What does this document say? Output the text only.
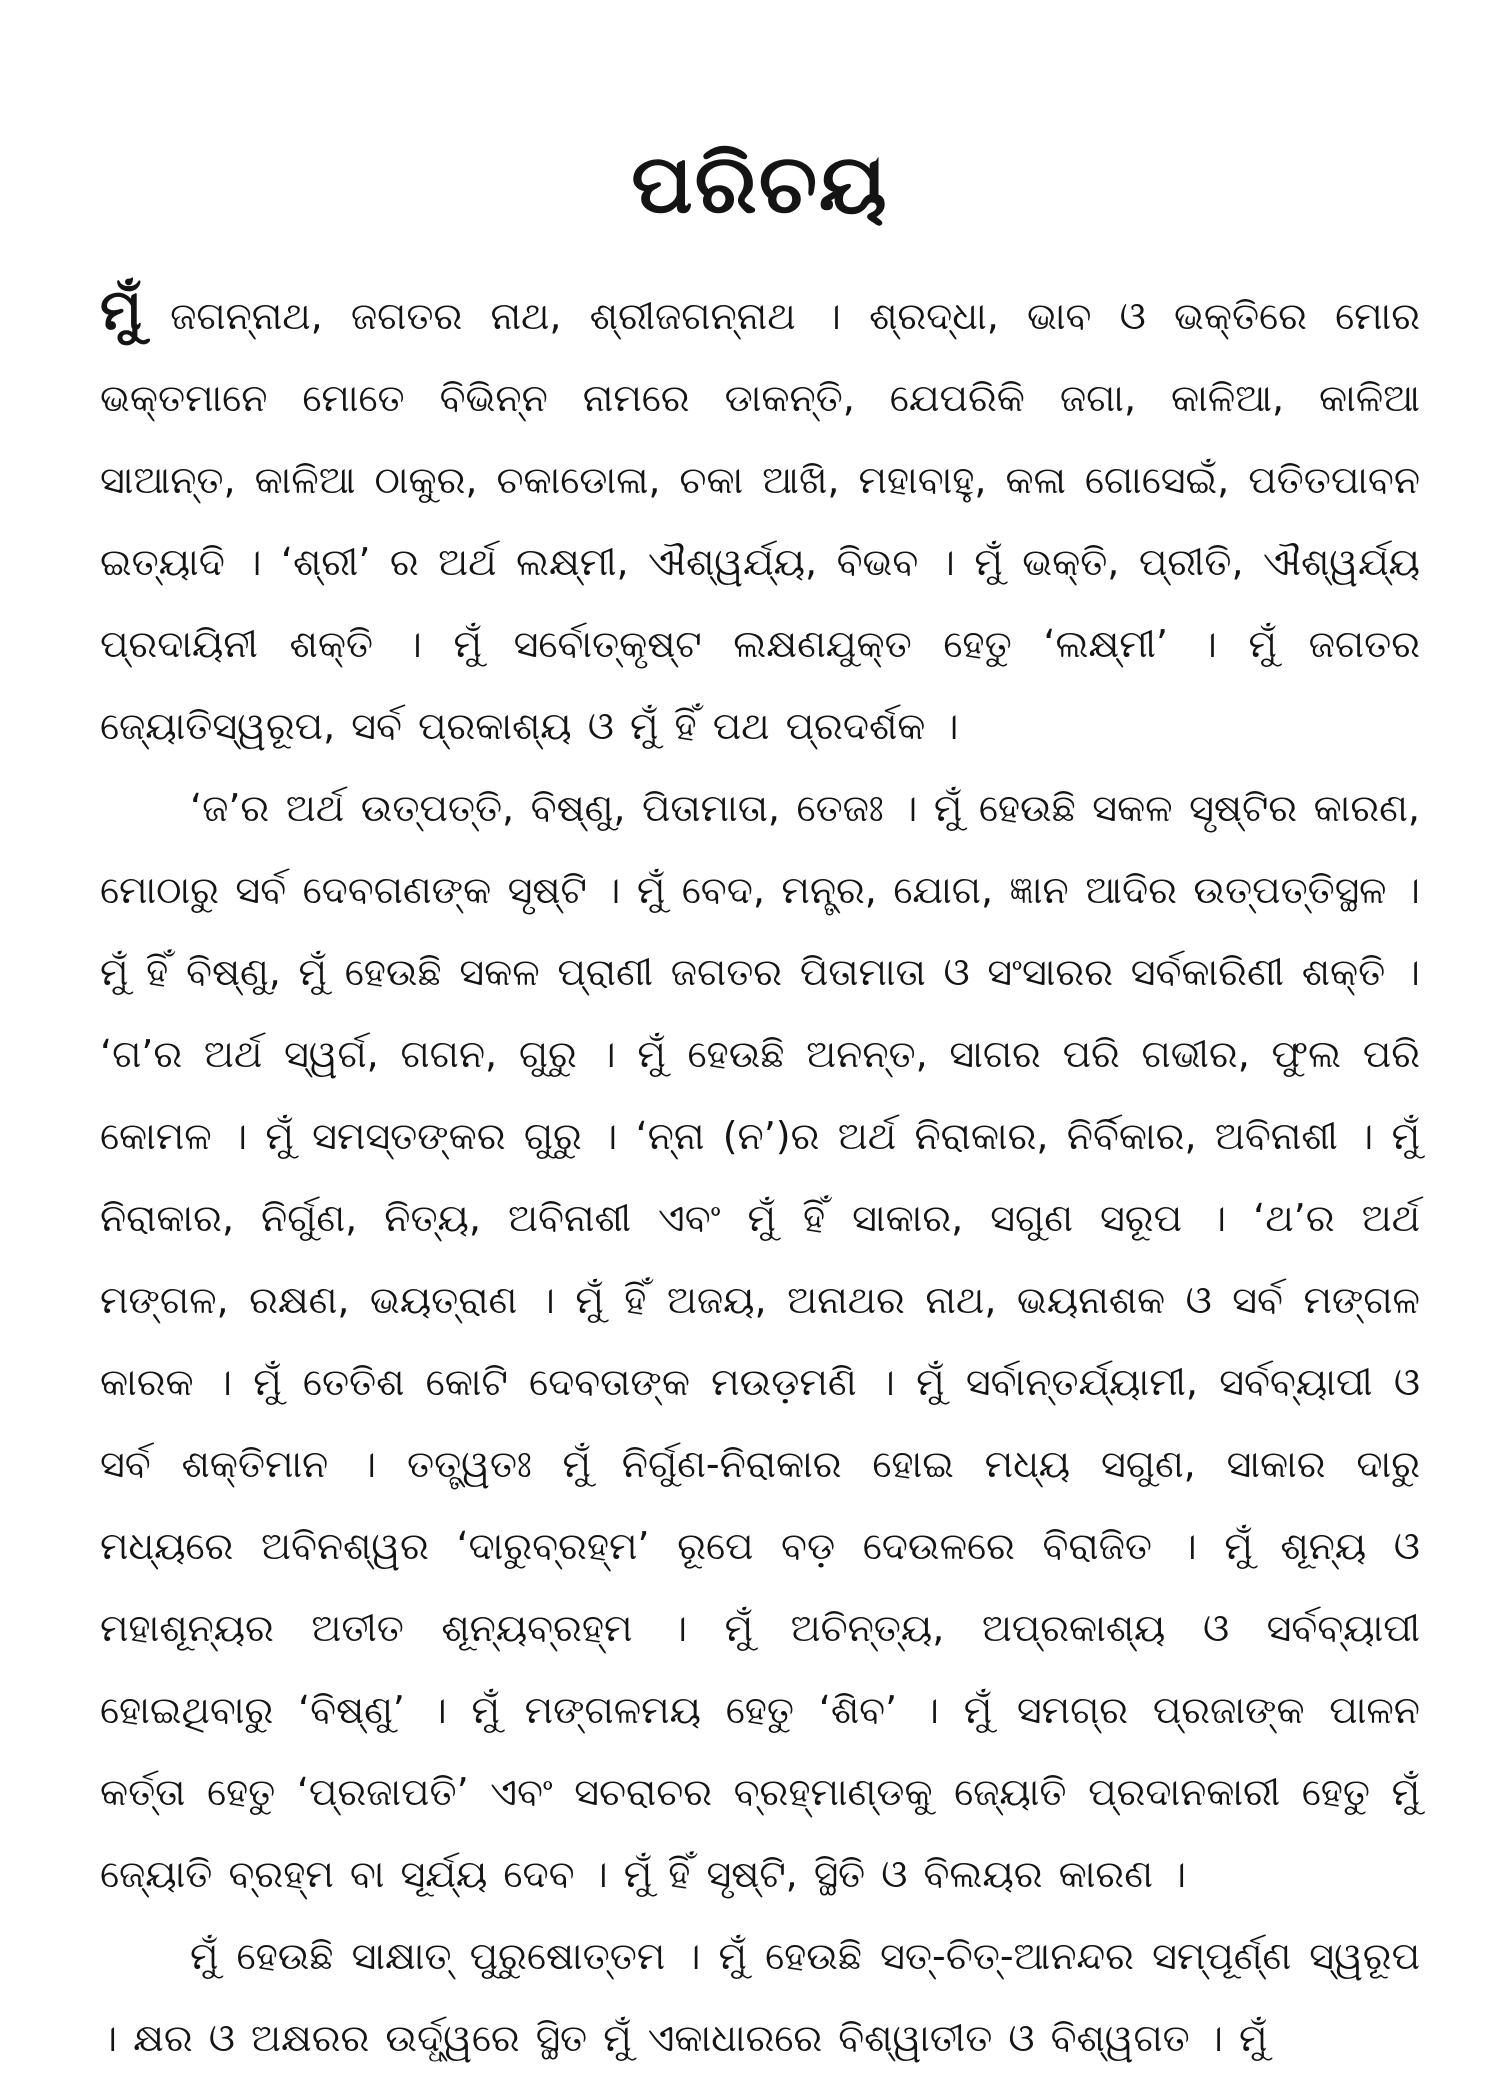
ପରିଚୟ

ମୁଁ ଜଗନ୍ନାଥ, ଜଗତର ନାଥ, ଶ୍ରୀଜଗନ୍ନାଥ । ଶ୍ରଦ୍ଧା, ଭାବ ଓ ଭକ୍ତିରେ ମୋର ଭକ୍ତମାନେ ମୋତେ ବିଭିନ୍ନ ନାମରେ ଡାକନ୍ତି, ଯେପରିକି ଜଗା, କାଳିଆ, କାଳିଆ ସାଆନ୍ତ, କାଳିଆ ଠାକୁର, ଚକାଡୋଳା, ଚକା ଆଖି, ମହାବାହୁ, କଳା ଗୋସେଇଁ, ପତିତପାବନ ଇତ୍ୟାଦି । ‘ଶ୍ରୀ’ ର ଅର୍ଥ ଲକ୍ଷ୍ମୀ, ଐଶ୍ୱର୍ଯ୍ୟ, ବିଭବ । ମୁଁ ଭକ୍ତି, ପ୍ରୀତି, ଐଶ୍ୱର୍ଯ୍ୟ ପ୍ରଦାୟିନୀ ଶକ୍ତି । ମୁଁ ସର୍ବୋତ୍କୃଷ୍ଟ ଲକ୍ଷଣଯୁକ୍ତ ହେତୁ ‘ଲକ୍ଷ୍ମୀ’ । ମୁଁ ଜଗତର ଜ୍ୟୋତିସ୍ୱରୂପ, ସର୍ବ ପ୍ରକାଶ୍ୟ ଓ ମୁଁ ହିଁ ପଥ ପ୍ରଦର୍ଶକ ।

‘ଜ’ର ଅର୍ଥ ଉତ୍ପତ୍ତି, ବିଷ୍ଣୁ, ପିତାମାତା, ତେଜଃ । ମୁଁ ହେଉଛି ସକଳ ସୃଷ୍ଟିର କାରଣ, ମୋଠାରୁ ସର୍ବ ଦେବଗଣଙ୍କ ସୃଷ୍ଟି । ମୁଁ ବେଦ, ମନ୍ତ୍ର, ଯୋଗ, ଜ୍ଞାନ ଆଦିର ଉତ୍ପତ୍ତିସ୍ଥଳ । ମୁଁ ହିଁ ବିଷ୍ଣୁ, ମୁଁ ହେଉଛି ସକଳ ପ୍ରାଣୀ ଜଗତର ପିତାମାତା ଓ ସଂସାରର ସର୍ବକାରିଣୀ ଶକ୍ତି । ‘ଗ’ର ଅର୍ଥ ସ୍ୱର୍ଗ, ଗଗନ, ଗୁରୁ । ମୁଁ ହେଉଛି ଅନନ୍ତ, ସାଗର ପରି ଗଭୀର, ଫୁଲ ପରି କୋମଳ । ମୁଁ ସମସ୍ତଙ୍କର ଗୁରୁ । ‘ନ୍ନା (ନ’)ର ଅର୍ଥ ନିରାକାର, ନିର୍ବିକାର, ଅବିନାଶୀ । ମୁଁ ନିରାକାର, ନିର୍ଗୁଣ, ନିତ୍ୟ, ଅବିନାଶୀ ଏବଂ ମୁଁ ହିଁ ସାକାର, ସଗୁଣ ସରୂପ । ‘ଥ’ର ଅର୍ଥ ମଙ୍ଗଳ, ରକ୍ଷଣ, ଭୟତ୍ରାଣ । ମୁଁ ହିଁ ଅଜୟ, ଅନାଥର ନାଥ, ଭୟନାଶକ ଓ ସର୍ବ ମଙ୍ଗଳ କାରକ । ମୁଁ ତେତିଶ କୋଟି ଦେବତାଙ୍କ ମଉଡ଼ମଣି । ମୁଁ ସର୍ବାନ୍ତର୍ଯ୍ୟାମୀ, ସର୍ବବ୍ୟାପୀ ଓ ସର୍ବ ଶକ୍ତିମାନ । ତତ୍ତ୍ୱତଃ ମୁଁ ନିର୍ଗୁଣ-ନିରାକାର ହୋଇ ମଧ୍ୟ ସଗୁଣ, ସାକାର ଦାରୁ ମଧ୍ୟରେ ଅବିନଶ୍ୱର ‘ଦାରୁବ୍ରହ୍ମ’ ରୂପେ ବଡ଼ ଦେଉଳରେ ବିରାଜିତ । ମୁଁ ଶୂନ୍ୟ ଓ ମହାଶୂନ୍ୟର ଅତୀତ ଶୂନ୍ୟବ୍ରହ୍ମ । ମୁଁ ଅଚିନ୍ତ୍ୟ, ଅପ୍ରକାଶ୍ୟ ଓ ସର୍ବବ୍ୟାପୀ ହୋଇଥିବାରୁ ‘ବିଷ୍ଣୁ’ । ମୁଁ ମଙ୍ଗଳମୟ ହେତୁ ‘ଶିବ’ । ମୁଁ ସମଗ୍ର ପ୍ରଜାଙ୍କ ପାଳନ କର୍ତ୍ତା ହେତୁ ‘ପ୍ରଜାପତି’ ଏବଂ ସଚରାଚର ବ୍ରହ୍ମାଣ୍ଡକୁ ଜ୍ୟୋତି ପ୍ରଦାନକାରୀ ହେତୁ ମୁଁ ଜ୍ୟୋତି ବ୍ରହ୍ମ ବା ସୂର୍ଯ୍ୟ ଦେବ । ମୁଁ ହିଁ ସୃଷ୍ଟି, ସ୍ଥିତି ଓ ବିଲୟର କାରଣ ।

ମୁଁ ହେଉଛି ସାକ୍ଷାତ୍ ପୁରୁଷୋତ୍ତମ । ମୁଁ ହେଉଛି ସତ୍-ଚିତ୍-ଆନନ୍ଦର ସମ୍ପୂର୍ଣ୍ଣ ସ୍ୱରୂପ । କ୍ଷର ଓ ଅକ୍ଷରର ଉର୍ଦ୍ଧ୍ୱରେ ସ୍ଥିତ ମୁଁ ଏକାଧାରରେ ବିଶ୍ୱାତୀତ ଓ ବିଶ୍ୱଗତ । ମୁଁ
